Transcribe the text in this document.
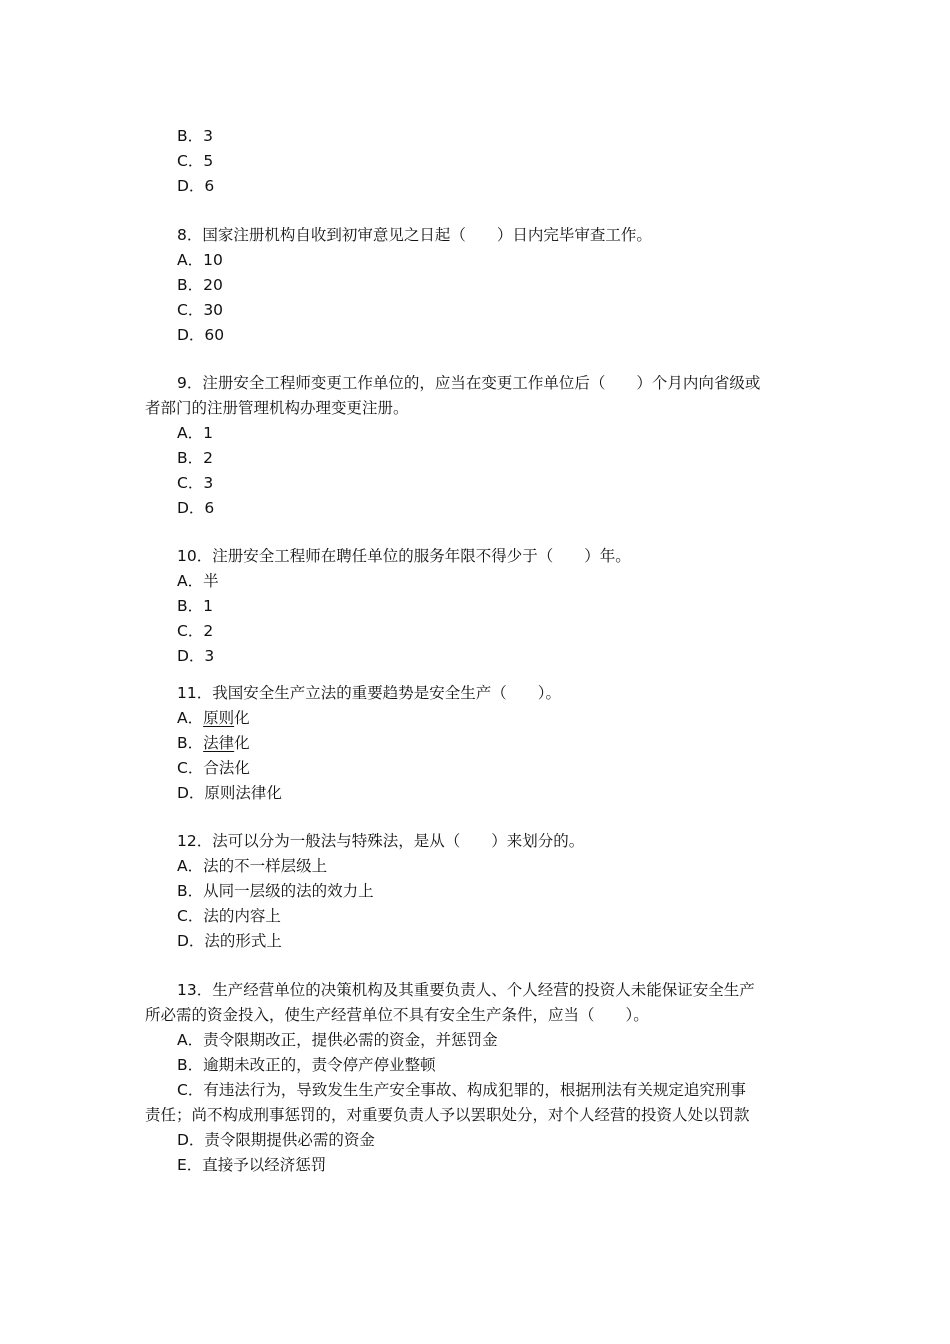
B．3
C．5
D．6
8．国家注册机构自收到初审意见之日起（　　）日内完毕审查工作。
A．10
B．20
C．30
D．60
9．注册安全工程师变更工作单位的，应当在变更工作单位后（　　）个月内向省级或
者部门的注册管理机构办理变更注册。
A．1
B．2
C．3
D．6
10．注册安全工程师在聘任单位的服务年限不得少于（　　）年。
A．半
B．1
C．2
D．3
11．我国安全生产立法的重要趋势是安全生产（　　）。
A．原则化
B．法律化
C．合法化
D．原则法律化
12．法可以分为一般法与特殊法，是从（　　）来划分的。
A．法的不一样层级上
B．从同一层级的法的效力上
C．法的内容上
D．法的形式上
13．生产经营单位的决策机构及其重要负责人、个人经营的投资人未能保证安全生产
所必需的资金投入，使生产经营单位不具有安全生产条件，应当（　　）。
A．责令限期改正，提供必需的资金，并惩罚金
B．逾期未改正的，责令停产停业整顿
C．有违法行为，导致发生生产安全事故、构成犯罪的，根据刑法有关规定追究刑事
责任；尚不构成刑事惩罚的，对重要负责人予以罢职处分，对个人经营的投资人处以罚款
D．责令限期提供必需的资金
E．直接予以经济惩罚
